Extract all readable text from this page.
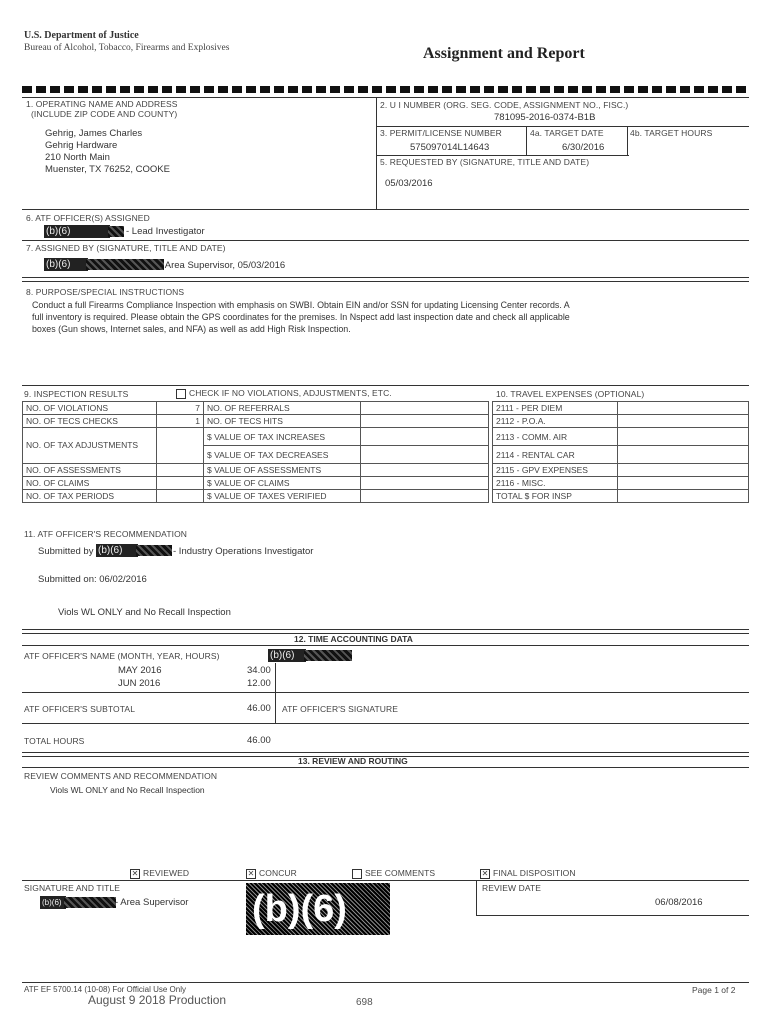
U.S. Department of Justice
Bureau of Alcohol, Tobacco, Firearms and Explosives	Assignment and Report
1. OPERATING NAME AND ADDRESS
(INCLUDE ZIP CODE AND COUNTY)
Gehrig, James Charles
Gehrig Hardware
210 North Main
Muenster, TX 76252, COOKE
2. U I NUMBER (ORG. SEG. CODE, ASSIGNMENT NO., FISC.)
781095-2016-0374-B1B
3. PERMIT/LICENSE NUMBER
575097014L14643
4a. TARGET DATE
6/30/2016
4b. TARGET HOURS
5. REQUESTED BY (SIGNATURE, TITLE AND DATE)
05/03/2016
6. ATF OFFICER(S) ASSIGNED
(b)(6)	- Lead Investigator
7. ASSIGNED BY (SIGNATURE, TITLE AND DATE)
(b)(6)	, Area Supervisor, 05/03/2016
8. PURPOSE/SPECIAL INSTRUCTIONS
Conduct a full Firearms Compliance Inspection with emphasis on SWBI. Obtain EIN and/or SSN for updating Licensing Center records. A
full inventory is required. Please obtain the GPS coordinates for the premises. In Nspect add last inspection date and check all applicable
boxes (Gun shows, Internet sales, and NFA) as well as add High Risk Inspection.
9. INSPECTION RESULTS	CHECK IF NO VIOLATIONS, ADJUSTMENTS, ETC.	10. TRAVEL EXPENSES (OPTIONAL)
NO. OF VIOLATIONS	7	NO. OF REFERRALS	
NO. OF TECS CHECKS	1	NO. OF TECS HITS	
NO. OF TAX ADJUSTMENTS		$ VALUE OF TAX INCREASES	
		$ VALUE OF TAX DECREASES	
NO. OF ASSESSMENTS		$ VALUE OF ASSESSMENTS	
NO. OF CLAIMS		$ VALUE OF CLAIMS	
NO. OF TAX PERIODS		$ VALUE OF TAXES VERIFIED	
2111 - PER DIEM	
2112 - P.O.A.	
2113 - COMM. AIR	
2114 - RENTAL CAR	
2115 - GPV EXPENSES	
2116 - MISC.	
TOTAL $ FOR INSP	
11. ATF OFFICER'S RECOMMENDATION
Submitted by (b)(6)	- Industry Operations Investigator
Submitted on: 06/02/2016
Viols WL ONLY and No Recall Inspection
12. TIME ACCOUNTING DATA
ATF OFFICER'S NAME (MONTH, YEAR, HOURS)	(b)(6)
MAY 2016	34.00
JUN 2016	12.00
ATF OFFICER'S SUBTOTAL	46.00 ATF OFFICER'S SIGNATURE
TOTAL HOURS	46.00
13. REVIEW AND ROUTING
REVIEW COMMENTS AND RECOMMENDATION
Viols WL ONLY and No Recall Inspection
✕ REVIEWED	✕ CONCUR	SEE COMMENTS	✕ FINAL DISPOSITION
SIGNATURE AND TITLE
(b)(6)	- Area Supervisor (b)(6)	REVIEW DATE
06/08/2016
ATF EF 5700.14 (10-08) For Official Use Only
August 9 2018 Production	698
Page 1 of 2
